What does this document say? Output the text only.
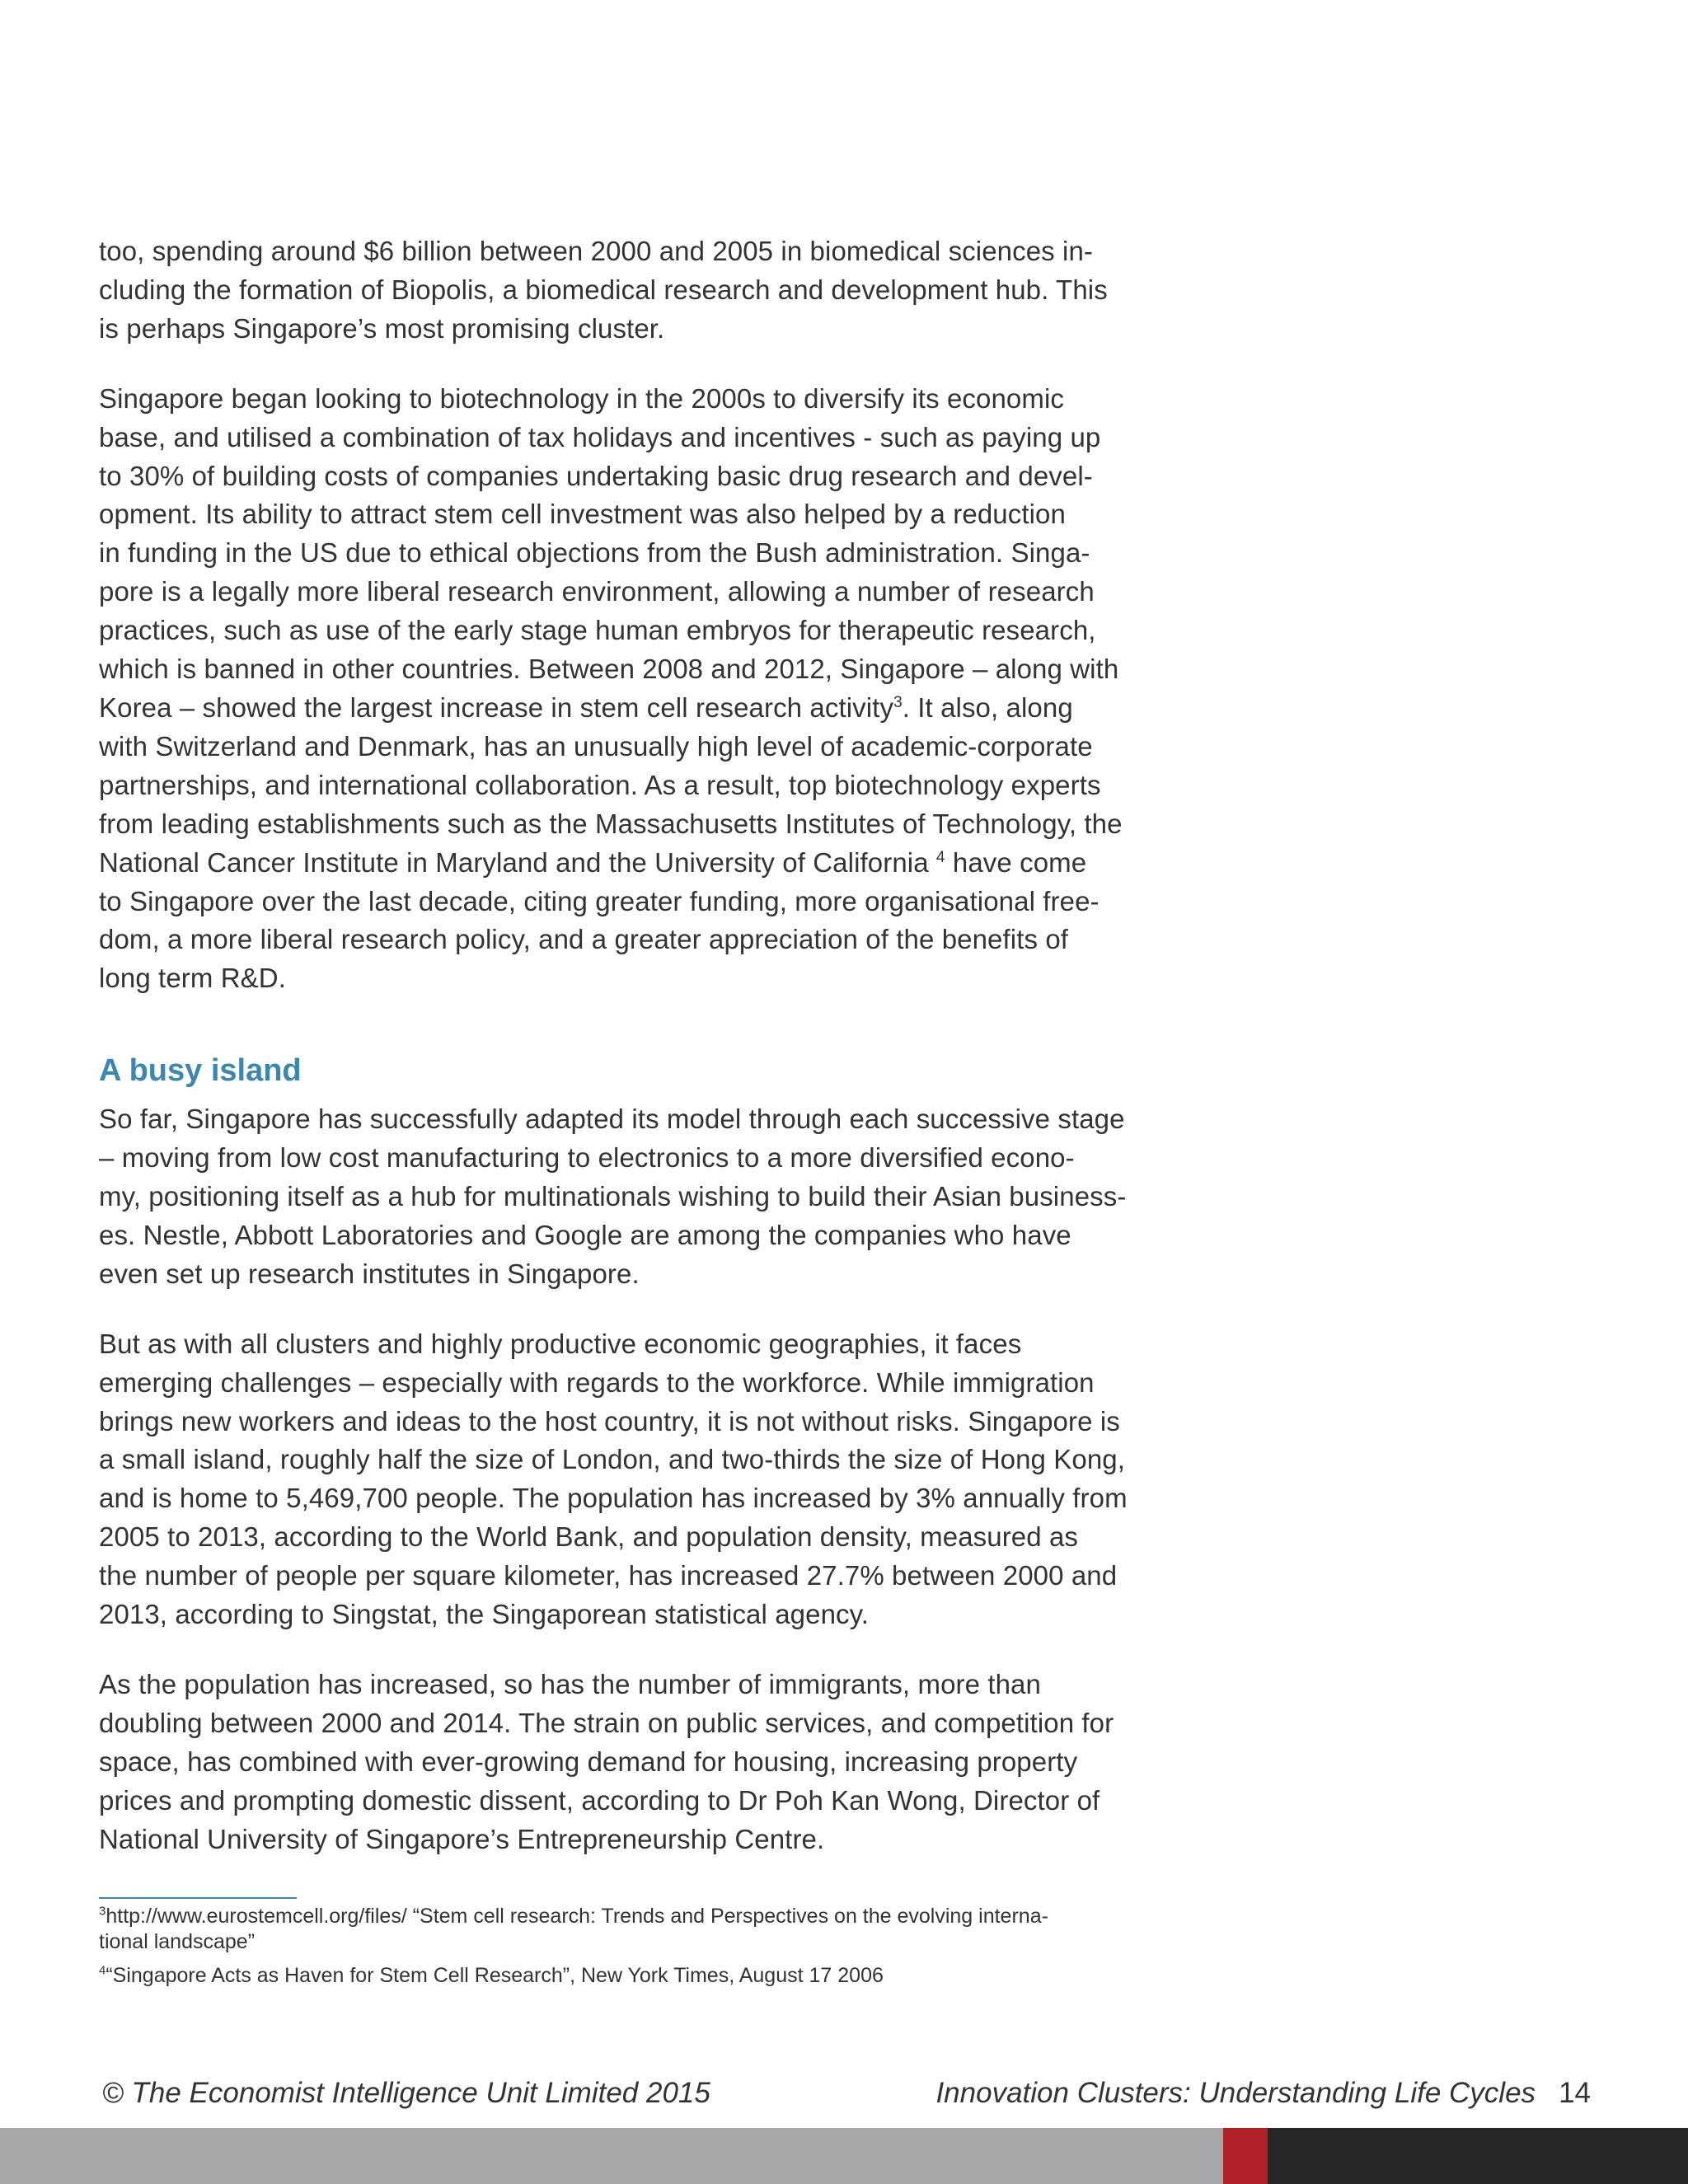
too, spending around $6 billion between 2000 and 2005 in biomedical sciences in-
cluding the formation of Biopolis, a biomedical research and development hub. This
is perhaps Singapore’s most promising cluster.

Singapore began looking to biotechnology in the 2000s to diversify its economic
base, and utilised a combination of tax holidays and incentives - such as paying up
to 30% of building costs of companies undertaking basic drug research and devel-
opment. Its ability to attract stem cell investment was also helped by a reduction
in funding in the US due to ethical objections from the Bush administration. Singa-
pore is a legally more liberal research environment, allowing a number of research
practices, such as use of the early stage human embryos for therapeutic research,
which is banned in other countries. Between 2008 and 2012, Singapore – along with
Korea – showed the largest increase in stem cell research activity$^3$. It also, along
with Switzerland and Denmark, has an unusually high level of academic-corporate
partnerships, and international collaboration. As a result, top biotechnology experts
from leading establishments such as the Massachusetts Institutes of Technology, the
National Cancer Institute in Maryland and the University of California $^4$ have come
to Singapore over the last decade, citing greater funding, more organisational free-
dom, a more liberal research policy, and a greater appreciation of the benefits of
long term R&D.

A busy island

So far, Singapore has successfully adapted its model through each successive stage
– moving from low cost manufacturing to electronics to a more diversified econo-
my, positioning itself as a hub for multinationals wishing to build their Asian business-
es. Nestle, Abbott Laboratories and Google are among the companies who have
even set up research institutes in Singapore.

But as with all clusters and highly productive economic geographies, it faces
emerging challenges – especially with regards to the workforce. While immigration
brings new workers and ideas to the host country, it is not without risks. Singapore is
a small island, roughly half the size of London, and two-thirds the size of Hong Kong,
and is home to 5,469,700 people. The population has increased by 3% annually from
2005 to 2013, according to the World Bank, and population density, measured as
the number of people per square kilometer, has increased 27.7% between 2000 and
2013, according to Singstat, the Singaporean statistical agency.

As the population has increased, so has the number of immigrants, more than
doubling between 2000 and 2014. The strain on public services, and competition for
space, has combined with ever-growing demand for housing, increasing property
prices and prompting domestic dissent, according to Dr Poh Kan Wong, Director of
National University of Singapore’s Entrepreneurship Centre.

$^3$http://www.eurostemcell.org/files/ “Stem cell research: Trends and Perspectives on the evolving interna-
tional landscape”
$^4$“Singapore Acts as Haven for Stem Cell Research”, New York Times, August 17 2006
© The Economist Intelligence Unit Limited 2015	Innovation Clusters: Understanding Life Cycles 14
